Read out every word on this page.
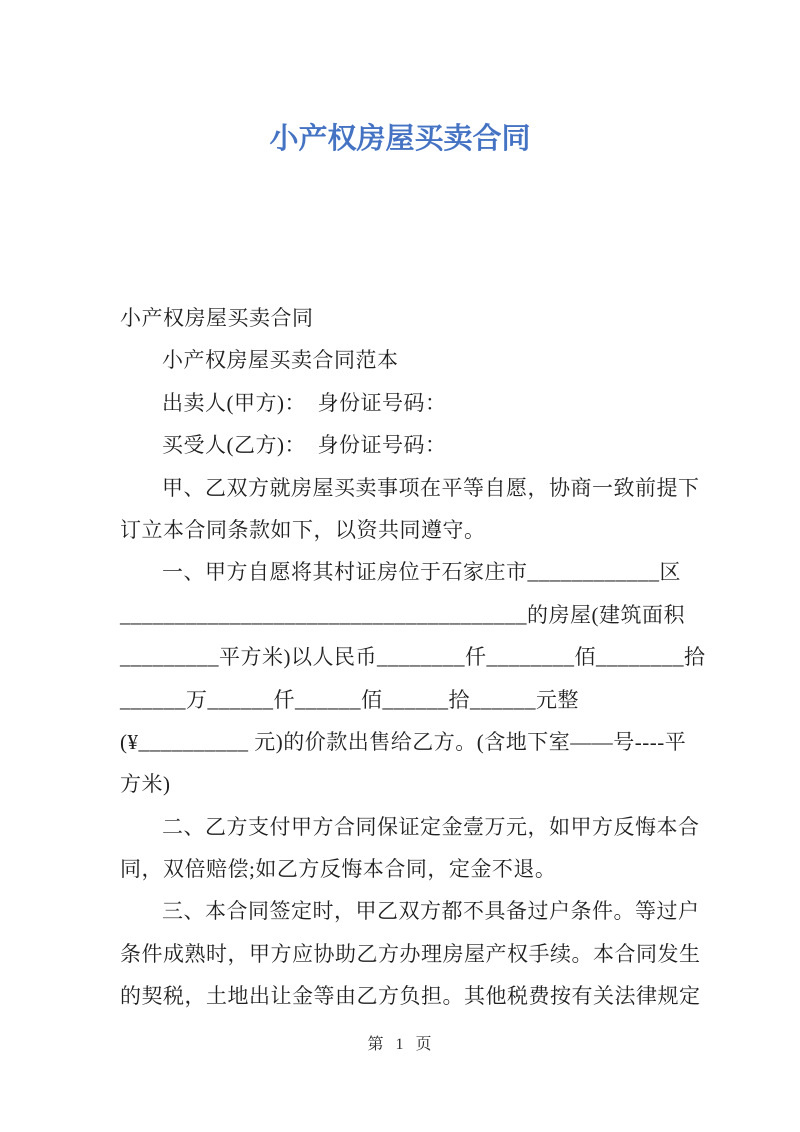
小产权房屋买卖合同
小产权房屋买卖合同
小产权房屋买卖合同范本
出卖人(甲方)：  身份证号码：
买受人(乙方)：  身份证号码：
甲、乙双方就房屋买卖事项在平等自愿，协商一致前提下
订立本合同条款如下，以资共同遵守。
一、甲方自愿将其村证房位于石家庄市____________区
_____________________________________的房屋(建筑面积
_________平方米)以人民币________仟________佰________拾
______万______仟______佰______拾______元整
(¥__________ 元)的价款出售给乙方。(含地下室——号----平
方米)
二、乙方支付甲方合同保证定金壹万元，如甲方反悔本合
同，双倍赔偿;如乙方反悔本合同，定金不退。
三、本合同签定时，甲乙双方都不具备过户条件。等过户
条件成熟时，甲方应协助乙方办理房屋产权手续。本合同发生
的契税，土地出让金等由乙方负担。其他税费按有关法律规定
第 1 页
